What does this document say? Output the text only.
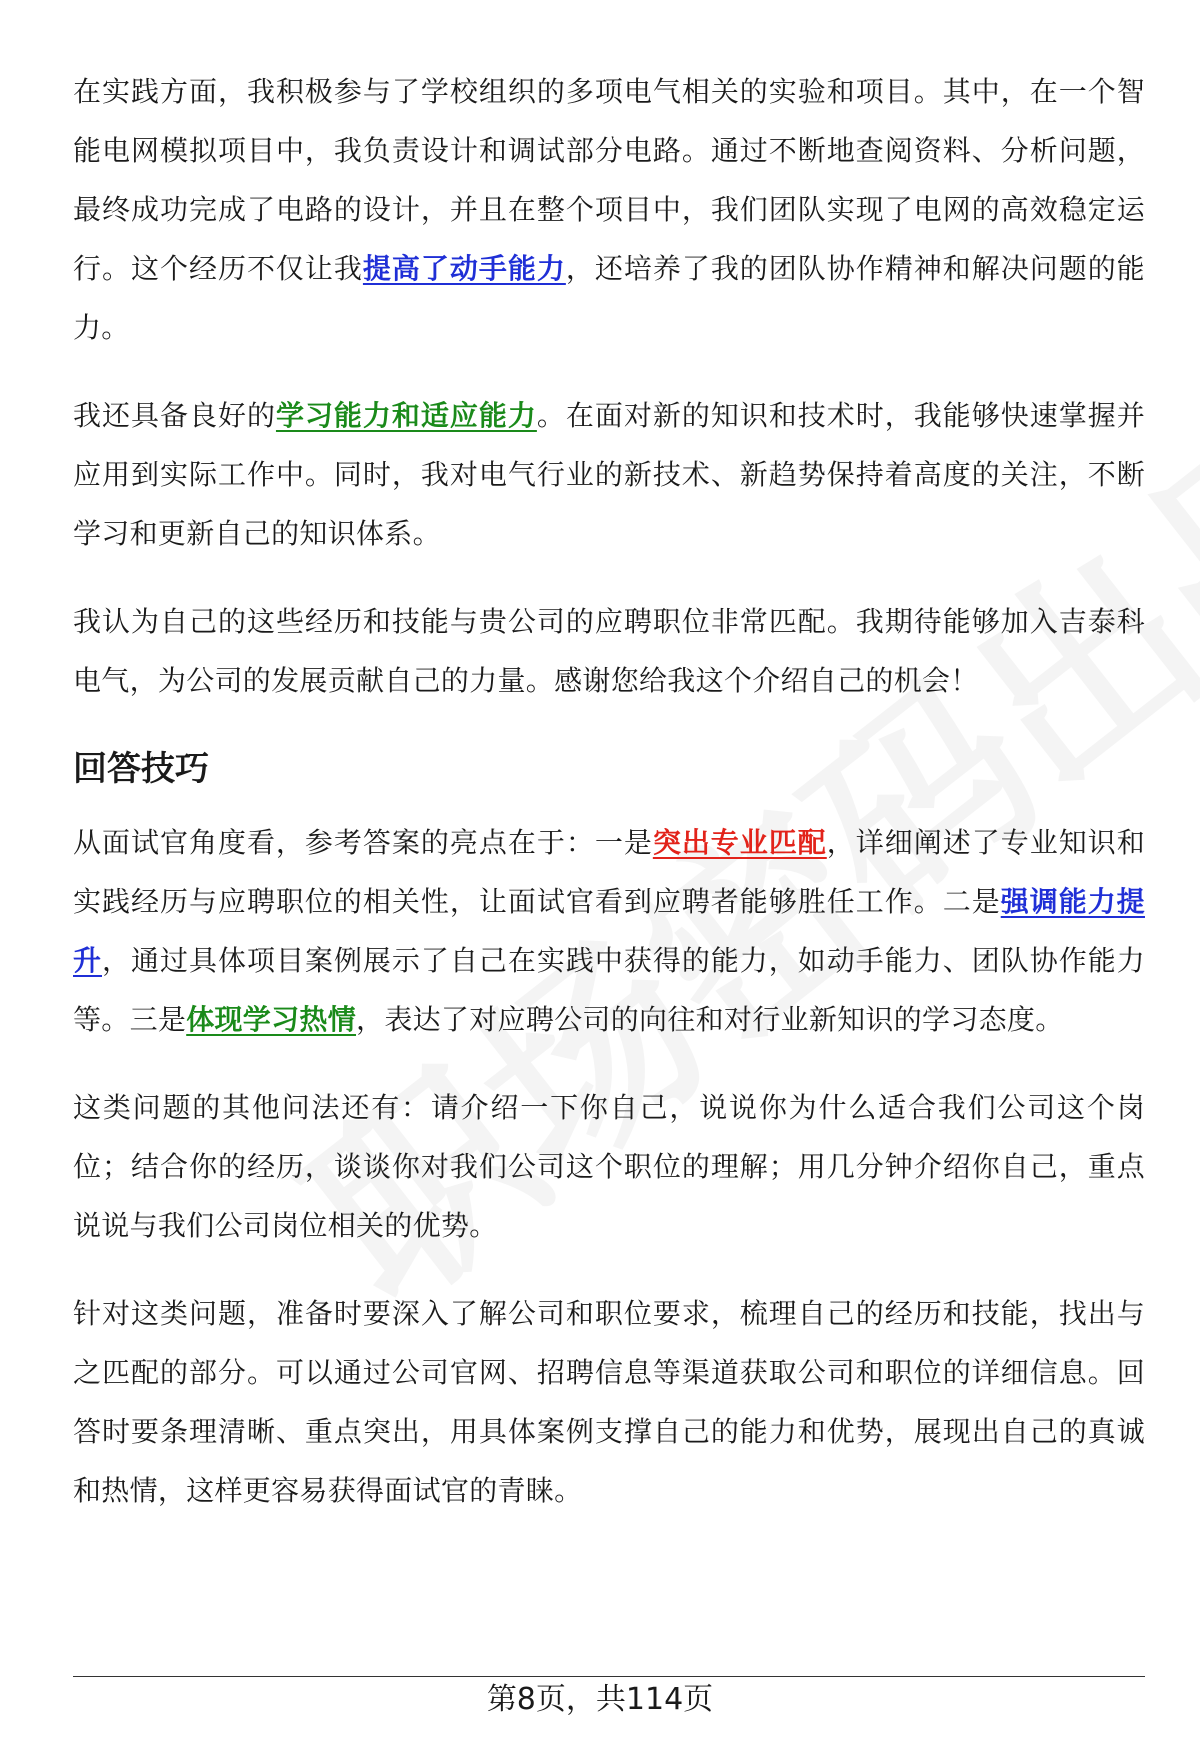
在实践方面，我积极参与了学校组织的多项电气相关的实验和项目。其中，在一个智能电网模拟项目中，我负责设计和调试部分电路。通过不断地查阅资料、分析问题，最终成功完成了电路的设计，并且在整个项目中，我们团队实现了电网的高效稳定运行。这个经历不仅让我提高了动手能力，还培养了我的团队协作精神和解决问题的能力。

我还具备良好的学习能力和适应能力。在面对新的知识和技术时，我能够快速掌握并应用到实际工作中。同时，我对电气行业的新技术、新趋势保持着高度的关注，不断学习和更新自己的知识体系。

我认为自己的这些经历和技能与贵公司的应聘职位非常匹配。我期待能够加入吉泰科电气，为公司的发展贡献自己的力量。感谢您给我这个介绍自己的机会！

回答技巧

从面试官角度看，参考答案的亮点在于：一是突出专业匹配，详细阐述了专业知识和实践经历与应聘职位的相关性，让面试官看到应聘者能够胜任工作。二是强调能力提升，通过具体项目案例展示了自己在实践中获得的能力，如动手能力、团队协作能力等。三是体现学习热情，表达了对应聘公司的向往和对行业新知识的学习态度。

这类问题的其他问法还有：请介绍一下你自己，说说你为什么适合我们公司这个岗位；结合你的经历，谈谈你对我们公司这个职位的理解；用几分钟介绍你自己，重点说说与我们公司岗位相关的优势。

针对这类问题，准备时要深入了解公司和职位要求，梳理自己的经历和技能，找出与之匹配的部分。可以通过公司官网、招聘信息等渠道获取公司和职位的详细信息。回答时要条理清晰、重点突出，用具体案例支撑自己的能力和优势，展现出自己的真诚和热情，这样更容易获得面试官的青睐。

第8页，共114页
